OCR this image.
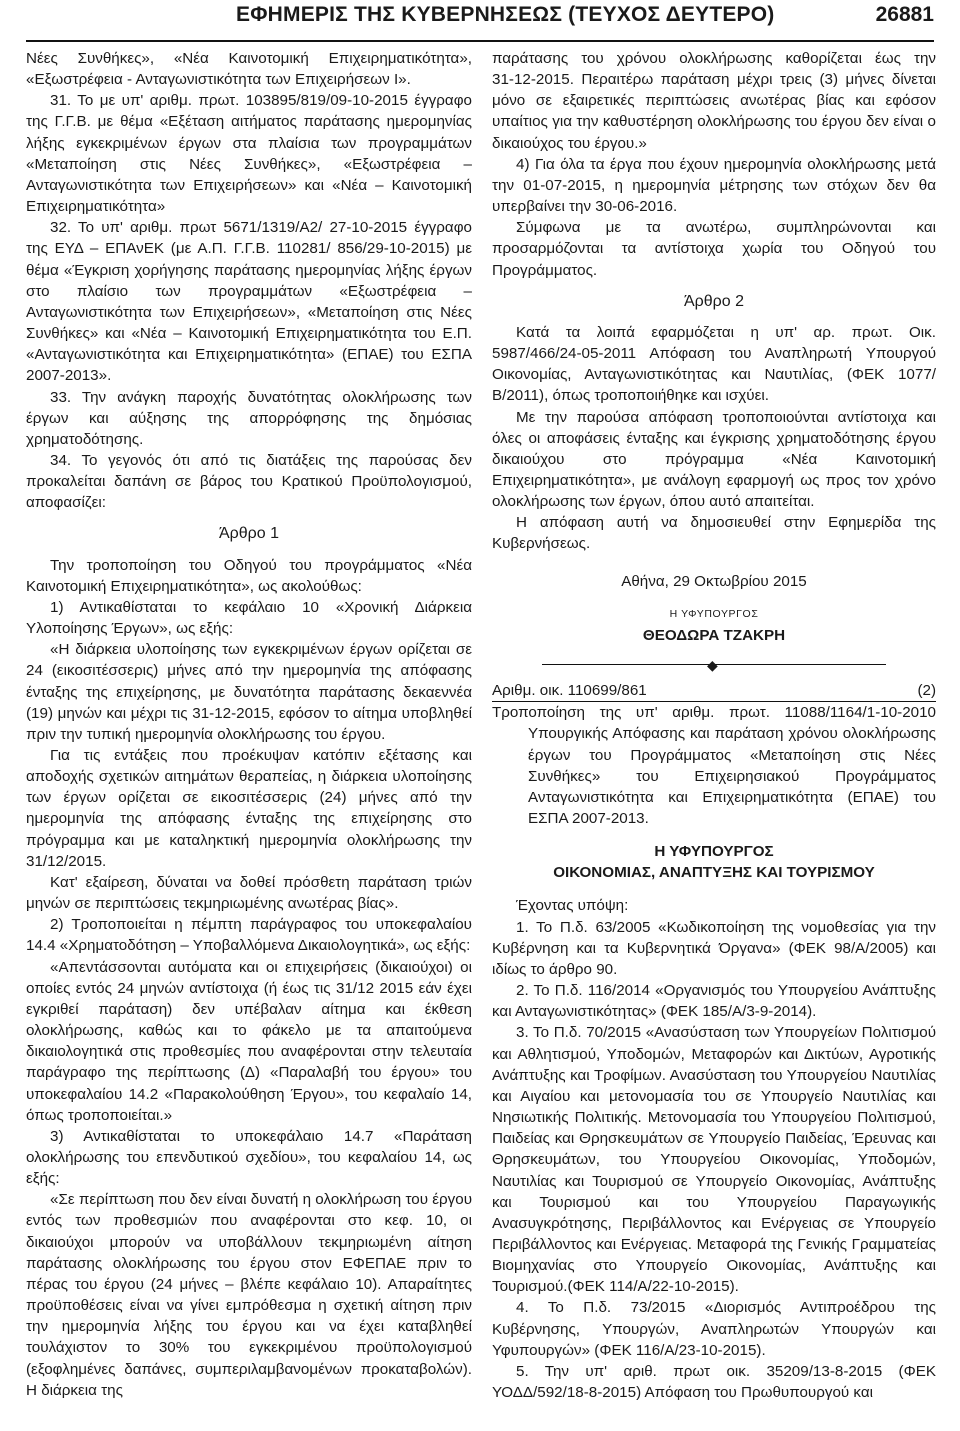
ΕΦΗΜΕΡΙΣ ΤΗΣ ΚΥΒΕΡΝΗΣΕΩΣ (ΤΕΥΧΟΣ ΔΕΥΤΕΡΟ)	26881

Νέες Συνθήκες», «Νέα Καινοτομική Επιχειρηματικότητα», «Εξωστρέφεια ‑ Ανταγωνιστικότητα των Επιχειρήσεων Ι».

31. Το με υπ' αριθμ. πρωτ. 103895/819/09‑10‑2015 έγγραφο της Γ.Γ.Β. με θέμα «Εξέταση αιτήματος παράτασης ημερομηνίας λήξης εγκεκριμένων έργων στα πλαίσια των προγραμμάτων «Μεταποίηση στις Νέες Συνθήκες», «Εξωστρέφεια – Ανταγωνιστικότητα των Επιχειρήσεων» και «Νέα – Καινοτομική Επιχειρηματικότητα»

32. Το υπ' αριθμ. πρωτ 5671/1319/Α2/ 27‑10‑2015 έγγραφο της ΕΥΔ – ΕΠΑνΕΚ (με Α.Π. Γ.Γ.Β. 110281/ 856/29‑10‑2015) με θέμα «Έγκριση χορήγησης παράτασης ημερομηνίας λήξης έργων στο πλαίσιο των προγραμμάτων «Εξωστρέφεια – Ανταγωνιστικότητα των Επιχειρήσεων», «Μεταποίηση στις Νέες Συνθήκες» και «Νέα – Καινοτομική Επιχειρηματικότητα του Ε.Π. «Ανταγωνιστικότητα και Επιχειρηματικότητα» (ΕΠΑΕ) του ΕΣΠΑ 2007‑2013».

33. Την ανάγκη παροχής δυνατότητας ολοκλήρωσης των έργων και αύξησης της απορρόφησης της δημόσιας χρηματοδότησης.

34. Το γεγονός ότι από τις διατάξεις της παρούσας δεν προκαλείται δαπάνη σε βάρος του Κρατικού Προϋπολογισμού, αποφασίζει:

Άρθρο 1

Την τροποποίηση του Οδηγού του προγράμματος «Νέα Καινοτομική Επιχειρηματικότητα», ως ακολούθως:

1) Αντικαθίσταται το κεφάλαιο 10 «Χρονική Διάρκεια Υλοποίησης Έργων», ως εξής:

«Η διάρκεια υλοποίησης των εγκεκριμένων έργων ορίζεται σε 24 (εικοσιτέσσερις) μήνες από την ημερομηνία της απόφασης ένταξης της επιχείρησης, με δυνατότητα παράτασης δεκαεννέα (19) μηνών και μέχρι τις 31‑12‑2015, εφόσον το αίτημα υποβληθεί πριν την τυπική ημερομηνία ολοκλήρωσης του έργου.

Για τις εντάξεις που προέκυψαν κατόπιν εξέτασης και αποδοχής σχετικών αιτημάτων θεραπείας, η διάρκεια υλοποίησης των έργων ορίζεται σε εικοσιτέσσερις (24) μήνες από την ημερομηνία της απόφασης ένταξης της επιχείρησης στο πρόγραμμα και με καταληκτική ημερομηνία ολοκλήρωσης την 31/12/2015.

Κατ' εξαίρεση, δύναται να δοθεί πρόσθετη παράταση τριών μηνών σε περιπτώσεις τεκμηριωμένης ανωτέρας βίας».

2) Τροποποιείται η πέμπτη παράγραφος του υποκεφαλαίου 14.4 «Χρηματοδότηση – Υποβαλλόμενα Δικαιολογητικά», ως εξής:

«Απεντάσσονται αυτόματα και οι επιχειρήσεις (δικαιούχοι) οι οποίες εντός 24 μηνών αντίστοιχα (ή έως τις 31/12 2015 εάν έχει εγκριθεί παράταση) δεν υπέβαλαν αίτημα και έκθεση ολοκλήρωσης, καθώς και το φάκελο με τα απαιτούμενα δικαιολογητικά στις προθεσμίες που αναφέρονται στην τελευταία παράγραφο της περίπτωσης (Δ) «Παραλαβή του έργου» του υποκεφαλαίου 14.2 «Παρακολούθηση Έργου», του κεφαλαίο 14, όπως τροποποιείται.»

3) Αντικαθίσταται το υποκεφάλαιο 14.7 «Παράταση ολοκλήρωσης του επενδυτικού σχεδίου», του κεφαλαίου 14, ως εξής:

«Σε περίπτωση που δεν είναι δυνατή η ολοκλήρωση του έργου εντός των προθεσμιών που αναφέρονται στο κεφ. 10, οι δικαιούχοι μπορούν να υποβάλλουν τεκμηριωμένη αίτηση παράτασης ολοκλήρωσης του έργου στον ΕΦΕΠΑΕ πριν το πέρας του έργου (24 μήνες – βλέπε κεφάλαιο 10). Απαραίτητες προϋποθέσεις είναι να γίνει εμπρόθεσμα η σχετική αίτηση πριν την ημερομηνία λήξης του έργου και να έχει καταβληθεί τουλάχιστον το 30% του εγκεκριμένου προϋπολογισμού (εξοφλημένες δαπάνες, συμπεριλαμβανομένων προκαταβολών). Η διάρκεια της

παράτασης του χρόνου ολοκλήρωσης καθορίζεται έως την 31‑12‑2015. Περαιτέρω παράταση μέχρι τρεις (3) μήνες δίνεται μόνο σε εξαιρετικές περιπτώσεις ανωτέρας βίας και εφόσον υπαίτιος για την καθυστέρηση ολοκλήρωσης του έργου δεν είναι ο δικαιούχος του έργου.»

4) Για όλα τα έργα που έχουν ημερομηνία ολοκλήρωσης μετά την 01‑07‑2015, η ημερομηνία μέτρησης των στόχων δεν θα υπερβαίνει την 30‑06‑2016.

Σύμφωνα με τα ανωτέρω, συμπληρώνονται και προσαρμόζονται τα αντίστοιχα χωρία του Οδηγού του Προγράμματος.

Άρθρο 2

Κατά τα λοιπά εφαρμόζεται η υπ' αρ. πρωτ. Οικ. 5987/466/24‑05‑2011 Απόφαση του Αναπληρωτή Υπουργού Οικονομίας, Ανταγωνιστικότητας και Ναυτιλίας, (ΦΕΚ 1077/Β/2011), όπως τροποποιήθηκε και ισχύει.

Με την παρούσα απόφαση τροποποιούνται αντίστοιχα και όλες οι αποφάσεις ένταξης και έγκρισης χρηματοδότησης έργου δικαιούχου στο πρόγραμμα «Νέα Καινοτομική Επιχειρηματικότητα», με ανάλογη εφαρμογή ως προς τον χρόνο ολοκλήρωσης των έργων, όπου αυτό απαιτείται.

Η απόφαση αυτή να δημοσιευθεί στην Εφημερίδα της Κυβερνήσεως.

Αθήνα, 29 Οκτωβρίου 2015

Η ΥΦΥΠΟΥΡΓΟΣ

ΘΕΟΔΩΡΑ ΤΖΑΚΡΗ

◆

Αριθμ. οικ. 110699/861	(2)

Τροποποίηση της υπ' αριθμ. πρωτ. 11088/1164/1‑10‑2010 Υπουργικής Απόφασης και παράταση χρόνου ολοκλήρωσης έργων του Προγράμματος «Μεταποίηση στις Νέες Συνθήκες» του Επιχειρησιακού Προγράμματος Ανταγωνιστικότητα και Επιχειρηματικότητα (ΕΠΑΕ) του ΕΣΠΑ 2007‑2013.

Η ΥΦΥΠΟΥΡΓΟΣ

ΟΙΚΟΝΟΜΙΑΣ, ΑΝΑΠΤΥΞΗΣ ΚΑΙ ΤΟΥΡΙΣΜΟΥ

Έχοντας υπόψη:

1. Το Π.δ. 63/2005 «Κωδικοποίηση της νομοθεσίας για την Κυβέρνηση και τα Κυβερνητικά Όργανα» (ΦΕΚ 98/Α/2005) και ιδίως το άρθρο 90.

2. Το Π.δ. 116/2014 «Οργανισμός του Υπουργείου Ανάπτυξης και Ανταγωνιστικότητας» (ΦΕΚ 185/Α/3‑9‑2014).

3. Το Π.δ. 70/2015 «Ανασύσταση των Υπουργείων Πολιτισμού και Αθλητισμού, Υποδομών, Μεταφορών και Δικτύων, Αγροτικής Ανάπτυξης και Τροφίμων. Ανασύσταση του Υπουργείου Ναυτιλίας και Αιγαίου και μετονομασία του σε Υπουργείο Ναυτιλίας και Νησιωτικής Πολιτικής. Μετονομασία του Υπουργείου Πολιτισμού, Παιδείας και Θρησκευμάτων σε Υπουργείο Παιδείας, Έρευνας και Θρησκευμάτων, του Υπουργείου Οικονομίας, Υποδομών, Ναυτιλίας και Τουρισμού σε Υπουργείο Οικονομίας, Ανάπτυξης και Τουρισμού και του Υπουργείου Παραγωγικής Ανασυγκρότησης, Περιβάλλοντος και Ενέργειας σε Υπουργείο Περιβάλλοντος και Ενέργειας. Μεταφορά της Γενικής Γραμματείας Βιομηχανίας στο Υπουργείο Οικονομίας, Ανάπτυξης και Τουρισμού.(ΦΕΚ 114/Α/22‑10‑2015).

4. Το Π.δ. 73/2015 «Διορισμός Αντιπροέδρου της Κυβέρνησης, Υπουργών, Αναπληρωτών Υπουργών και Υφυπουργών» (ΦΕΚ 116/Α/23‑10‑2015).

5. Την υπ' αριθ. πρωτ οικ. 35209/13‑8‑2015 (ΦΕΚ ΥΟΔΔ/592/18‑8‑2015) Απόφαση του Πρωθυπουργού και
